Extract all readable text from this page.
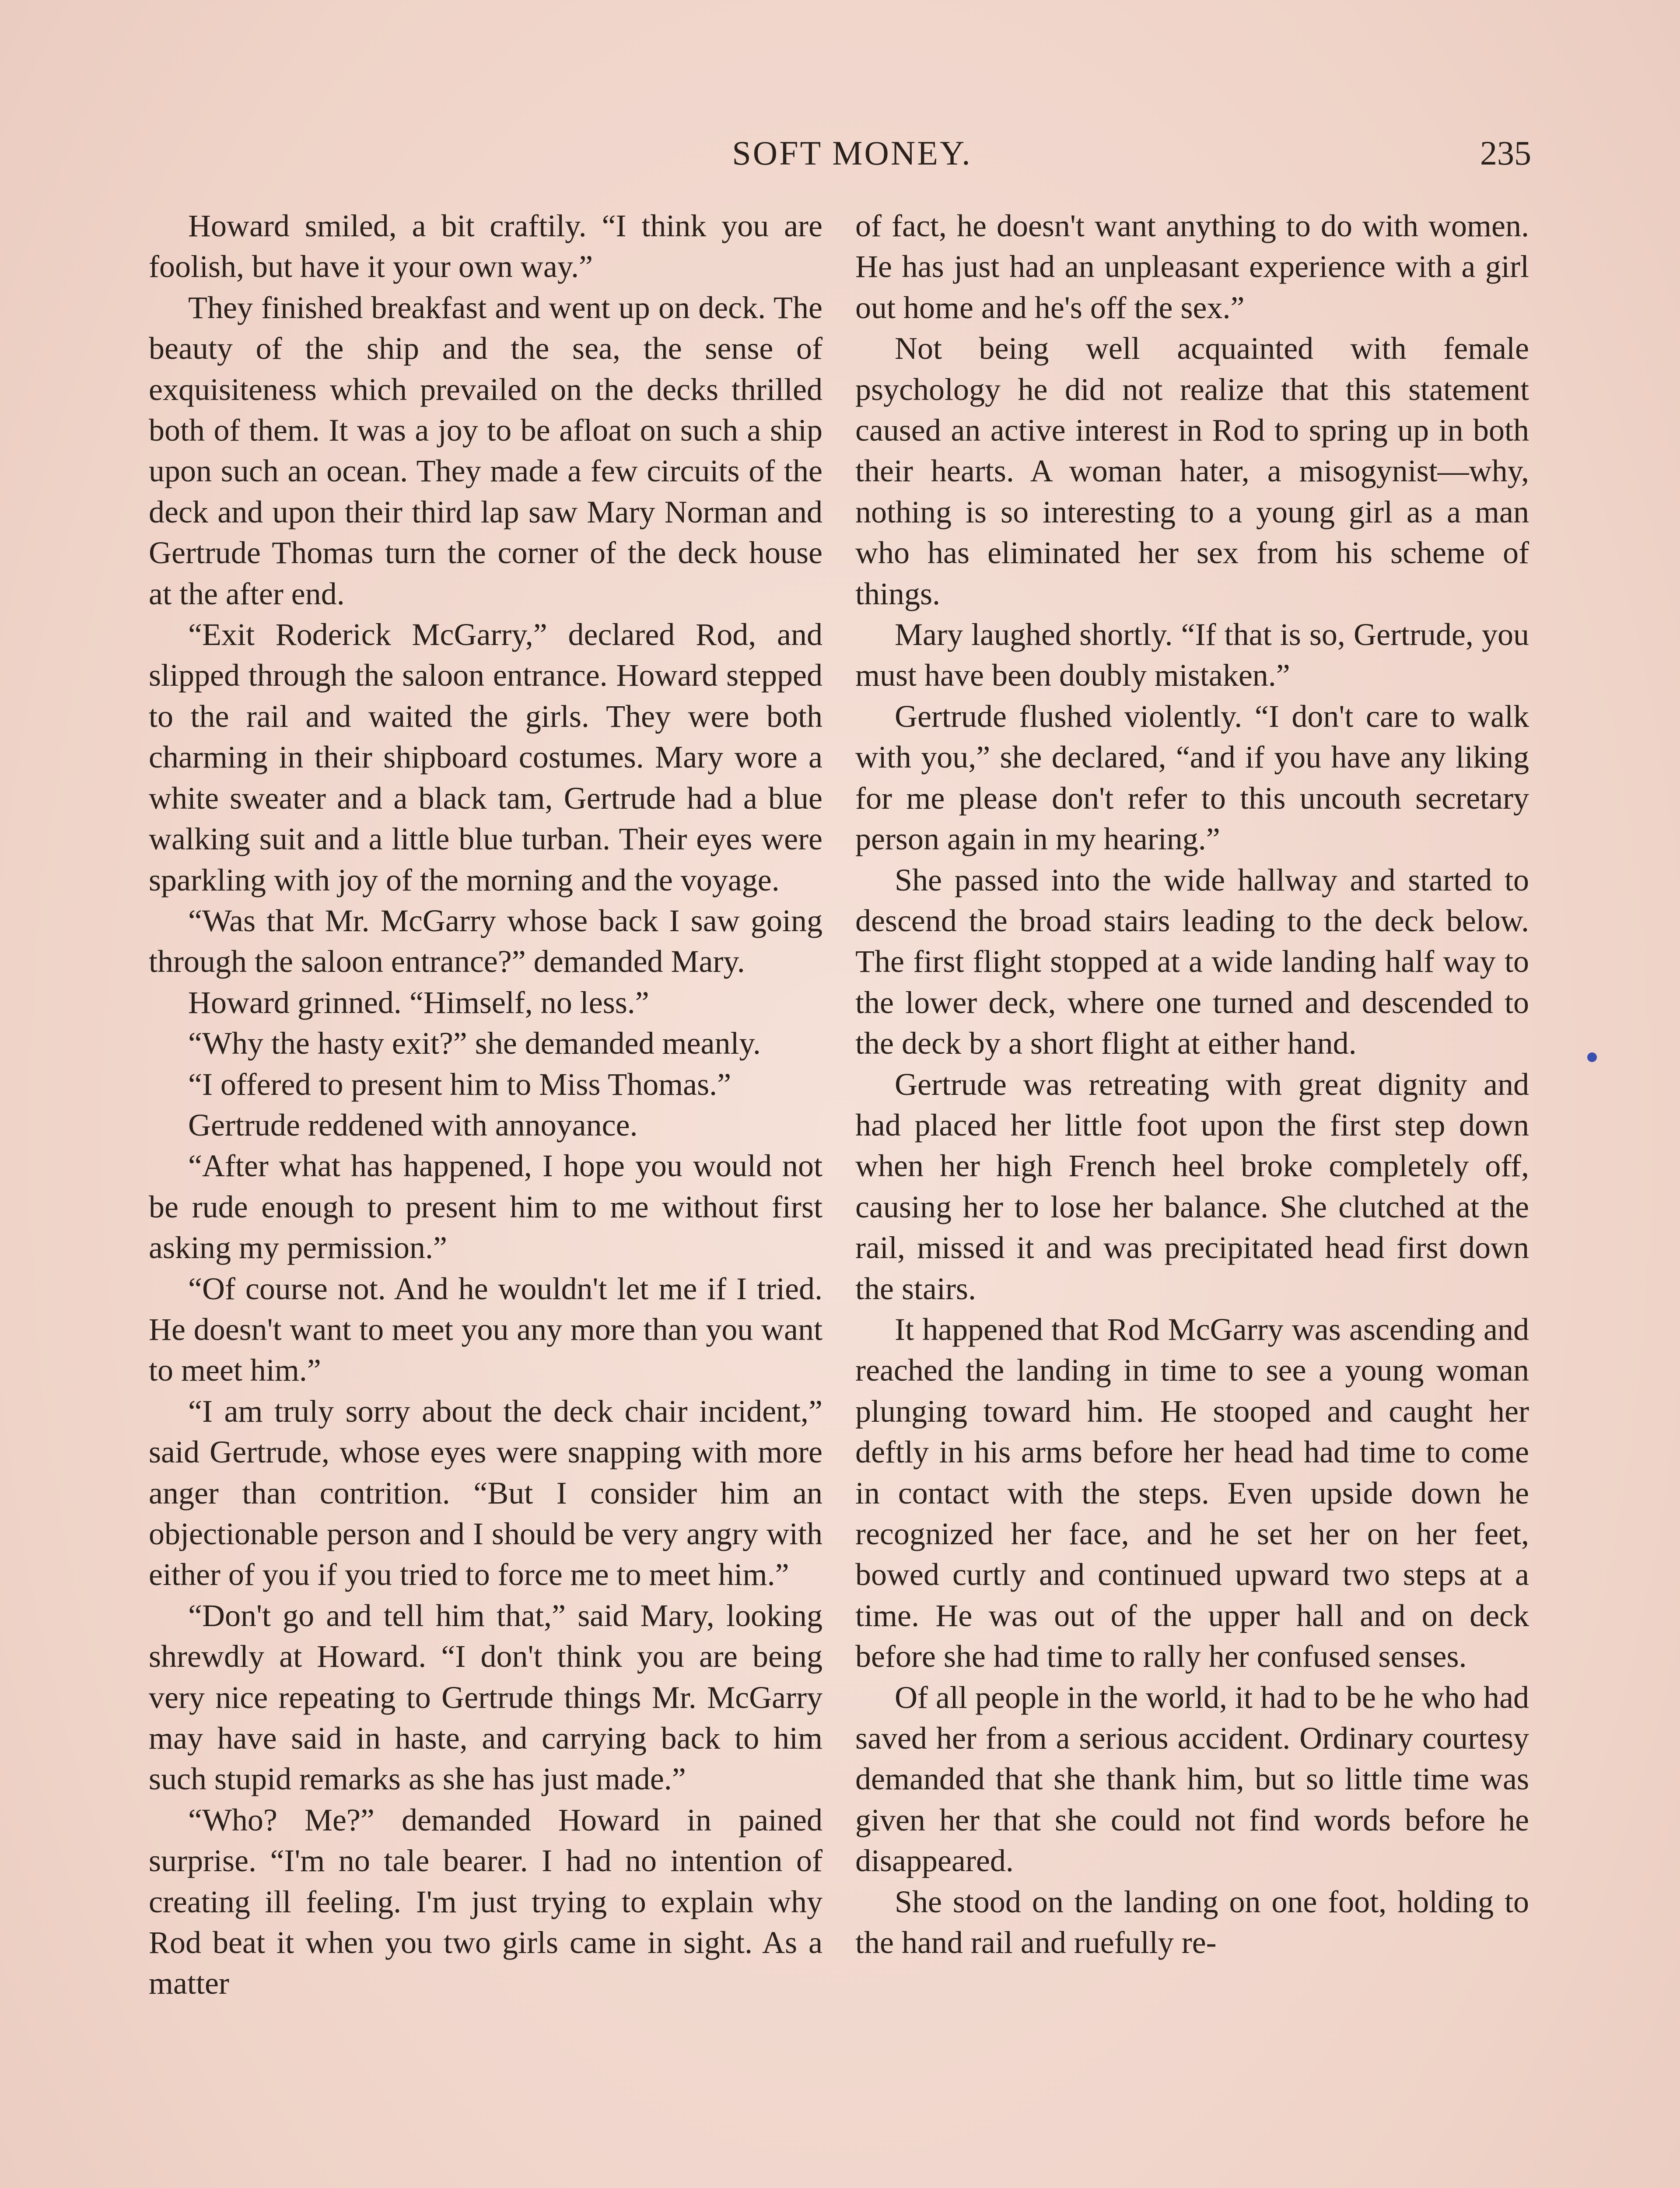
SOFT MONEY.	235

Howard smiled, a bit craftily. “I think you are foolish, but have it your own way.”

They finished breakfast and went up on deck. The beauty of the ship and the sea, the sense of exquisiteness which prevailed on the decks thrilled both of them. It was a joy to be afloat on such a ship upon such an ocean. They made a few circuits of the deck and upon their third lap saw Mary Norman and Gertrude Thomas turn the corner of the deck house at the after end.

“Exit Roderick McGarry,” declared Rod, and slipped through the saloon entrance. Howard stepped to the rail and waited the girls. They were both charming in their shipboard costumes. Mary wore a white sweater and a black tam, Gertrude had a blue walking suit and a little blue turban. Their eyes were sparkling with joy of the morning and the voyage.

“Was that Mr. McGarry whose back I saw going through the saloon entrance?” demanded Mary.

Howard grinned. “Himself, no less.”

“Why the hasty exit?” she demanded meanly.

“I offered to present him to Miss Thomas.”

Gertrude reddened with annoyance.

“After what has happened, I hope you would not be rude enough to present him to me without first asking my permission.”

“Of course not. And he wouldn't let me if I tried. He doesn't want to meet you any more than you want to meet him.”

“I am truly sorry about the deck chair incident,” said Gertrude, whose eyes were snapping with more anger than contrition. “But I consider him an objectionable person and I should be very angry with either of you if you tried to force me to meet him.”

“Don't go and tell him that,” said Mary, looking shrewdly at Howard. “I don't think you are being very nice repeating to Gertrude things Mr. McGarry may have said in haste, and carrying back to him such stupid remarks as she has just made.”

“Who? Me?” demanded Howard in pained surprise. “I'm no tale bearer. I had no intention of creating ill feeling. I'm just trying to explain why Rod beat it when you two girls came in sight. As a matter

of fact, he doesn't want anything to do with women. He has just had an unpleasant experience with a girl out home and he's off the sex.”

Not being well acquainted with female psychology he did not realize that this statement caused an active interest in Rod to spring up in both their hearts. A woman hater, a misogynist—why, nothing is so interesting to a young girl as a man who has eliminated her sex from his scheme of things.

Mary laughed shortly. “If that is so, Gertrude, you must have been doubly mistaken.”

Gertrude flushed violently. “I don't care to walk with you,” she declared, “and if you have any liking for me please don't refer to this uncouth secretary person again in my hearing.”

She passed into the wide hallway and started to descend the broad stairs leading to the deck below. The first flight stopped at a wide landing half way to the lower deck, where one turned and descended to the deck by a short flight at either hand.

Gertrude was retreating with great dignity and had placed her little foot upon the first step down when her high French heel broke completely off, causing her to lose her balance. She clutched at the rail, missed it and was precipitated head first down the stairs.

It happened that Rod McGarry was ascending and reached the landing in time to see a young woman plunging toward him. He stooped and caught her deftly in his arms before her head had time to come in contact with the steps. Even upside down he recognized her face, and he set her on her feet, bowed curtly and continued upward two steps at a time. He was out of the upper hall and on deck before she had time to rally her confused senses.

Of all people in the world, it had to be he who had saved her from a serious accident. Ordinary courtesy demanded that she thank him, but so little time was given her that she could not find words before he disappeared.

She stood on the landing on one foot, holding to the hand rail and ruefully re-
